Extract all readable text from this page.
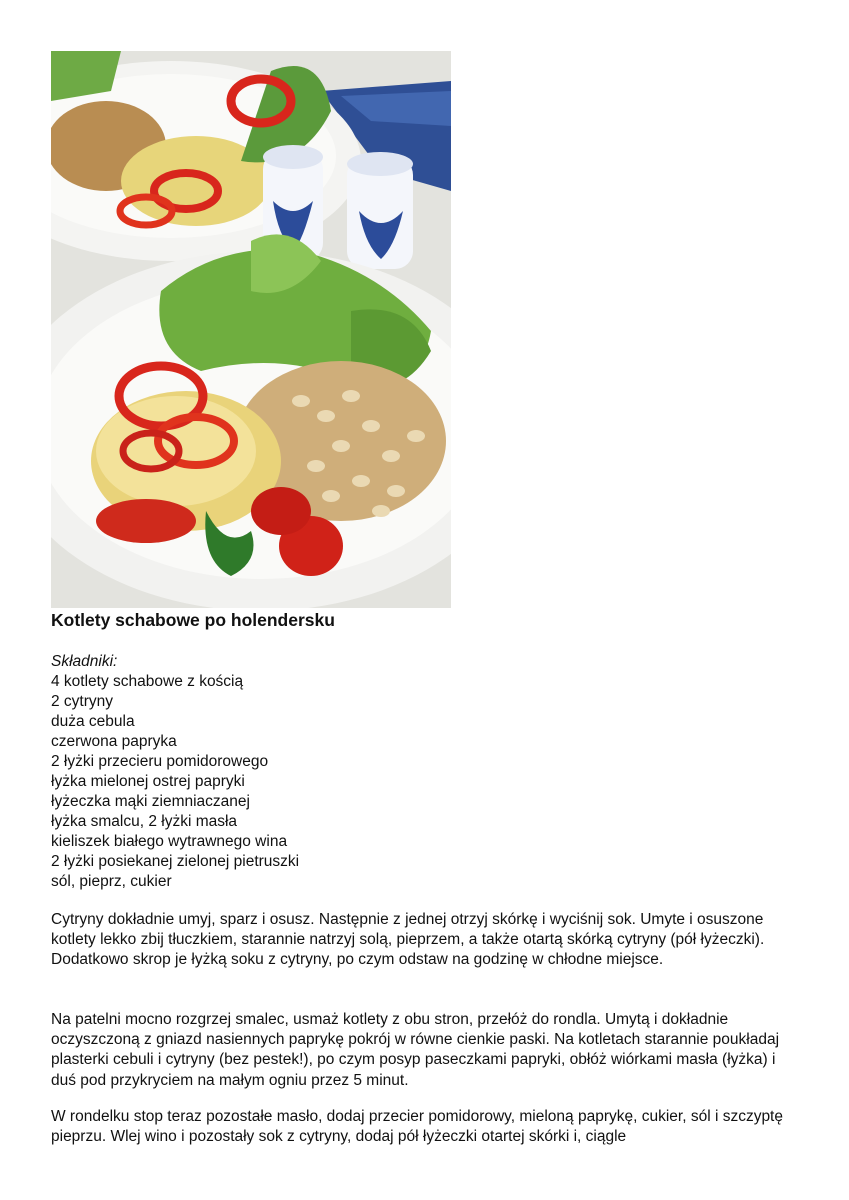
Kotlety schabowe po holendersku
Składniki:
4 kotlety schabowe z kością
2 cytryny
duża cebula
czerwona papryka
2 łyżki przecieru pomidorowego
łyżka mielonej ostrej papryki
łyżeczka mąki ziemniaczanej
łyżka smalcu, 2 łyżki masła
kieliszek białego wytrawnego wina
2 łyżki posiekanej zielonej pietruszki
sól, pieprz, cukier

Cytryny dokładnie umyj, sparz i osusz. Następnie z jednej otrzyj skórkę i wyciśnij sok. Umyte i osuszone kotlety lekko zbij tłuczkiem, starannie natrzyj solą, pieprzem, a także otartą skórką cytryny (pół łyżeczki). Dodatkowo skrop je łyżką soku z cytryny, po czym odstaw na godzinę w chłodne miejsce.

Na patelni mocno rozgrzej smalec, usmaż kotlety z obu stron, przełóż do rondla. Umytą i dokładnie oczyszczoną z gniazd nasiennych paprykę pokrój w równe cienkie paski. Na kotletach starannie poukładaj plasterki cebuli i cytryny (bez pestek!), po czym posyp paseczkami papryki, obłóż wiórkami masła (łyżka) i duś pod przykryciem na małym ogniu przez 5 minut.

W rondelku stop teraz pozostałe masło, dodaj przecier pomidorowy, mieloną paprykę, cukier, sól i szczyptę pieprzu. Wlej wino i pozostały sok z cytryny, dodaj pół łyżeczki otartej skórki i, ciągle
